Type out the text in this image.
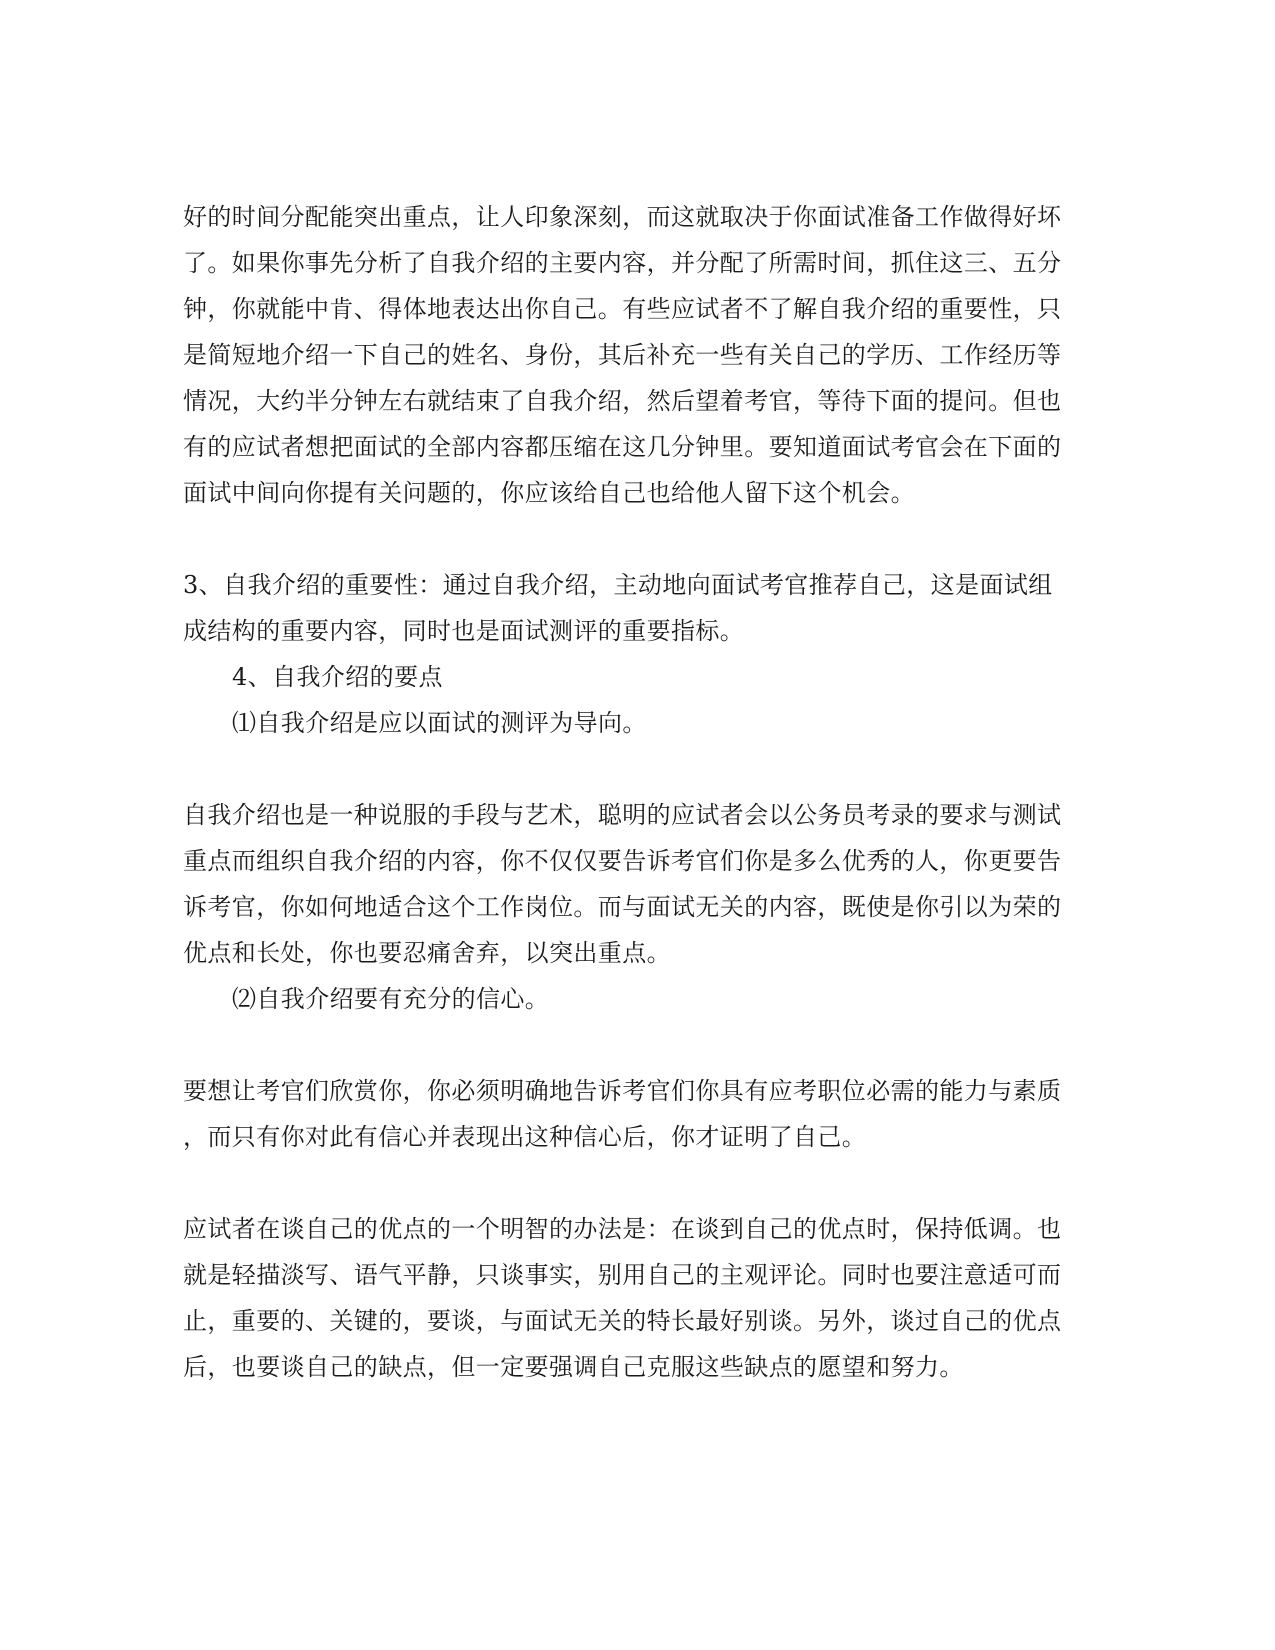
好的时间分配能突出重点，让人印象深刻，而这就取决于你面试准备工作做得好坏
了。如果你事先分析了自我介绍的主要内容，并分配了所需时间，抓住这三、五分
钟，你就能中肯、得体地表达出你自己。有些应试者不了解自我介绍的重要性，只
是简短地介绍一下自己的姓名、身份，其后补充一些有关自己的学历、工作经历等
情况，大约半分钟左右就结束了自我介绍，然后望着考官，等待下面的提问。但也
有的应试者想把面试的全部内容都压缩在这几分钟里。要知道面试考官会在下面的
面试中间向你提有关问题的，你应该给自己也给他人留下这个机会。
3、自我介绍的重要性：通过自我介绍，主动地向面试考官推荐自己，这是面试组
成结构的重要内容，同时也是面试测评的重要指标。
4、自我介绍的要点
⑴自我介绍是应以面试的测评为导向。
自我介绍也是一种说服的手段与艺术，聪明的应试者会以公务员考录的要求与测试
重点而组织自我介绍的内容，你不仅仅要告诉考官们你是多么优秀的人，你更要告
诉考官，你如何地适合这个工作岗位。而与面试无关的内容，既使是你引以为荣的
优点和长处，你也要忍痛舍弃，以突出重点。
⑵自我介绍要有充分的信心。
要想让考官们欣赏你，你必须明确地告诉考官们你具有应考职位必需的能力与素质
，而只有你对此有信心并表现出这种信心后，你才证明了自己。
应试者在谈自己的优点的一个明智的办法是：在谈到自己的优点时，保持低调。也
就是轻描淡写、语气平静，只谈事实，别用自己的主观评论。同时也要注意适可而
止，重要的、关键的，要谈，与面试无关的特长最好别谈。另外，谈过自己的优点
后，也要谈自己的缺点，但一定要强调自己克服这些缺点的愿望和努力。
